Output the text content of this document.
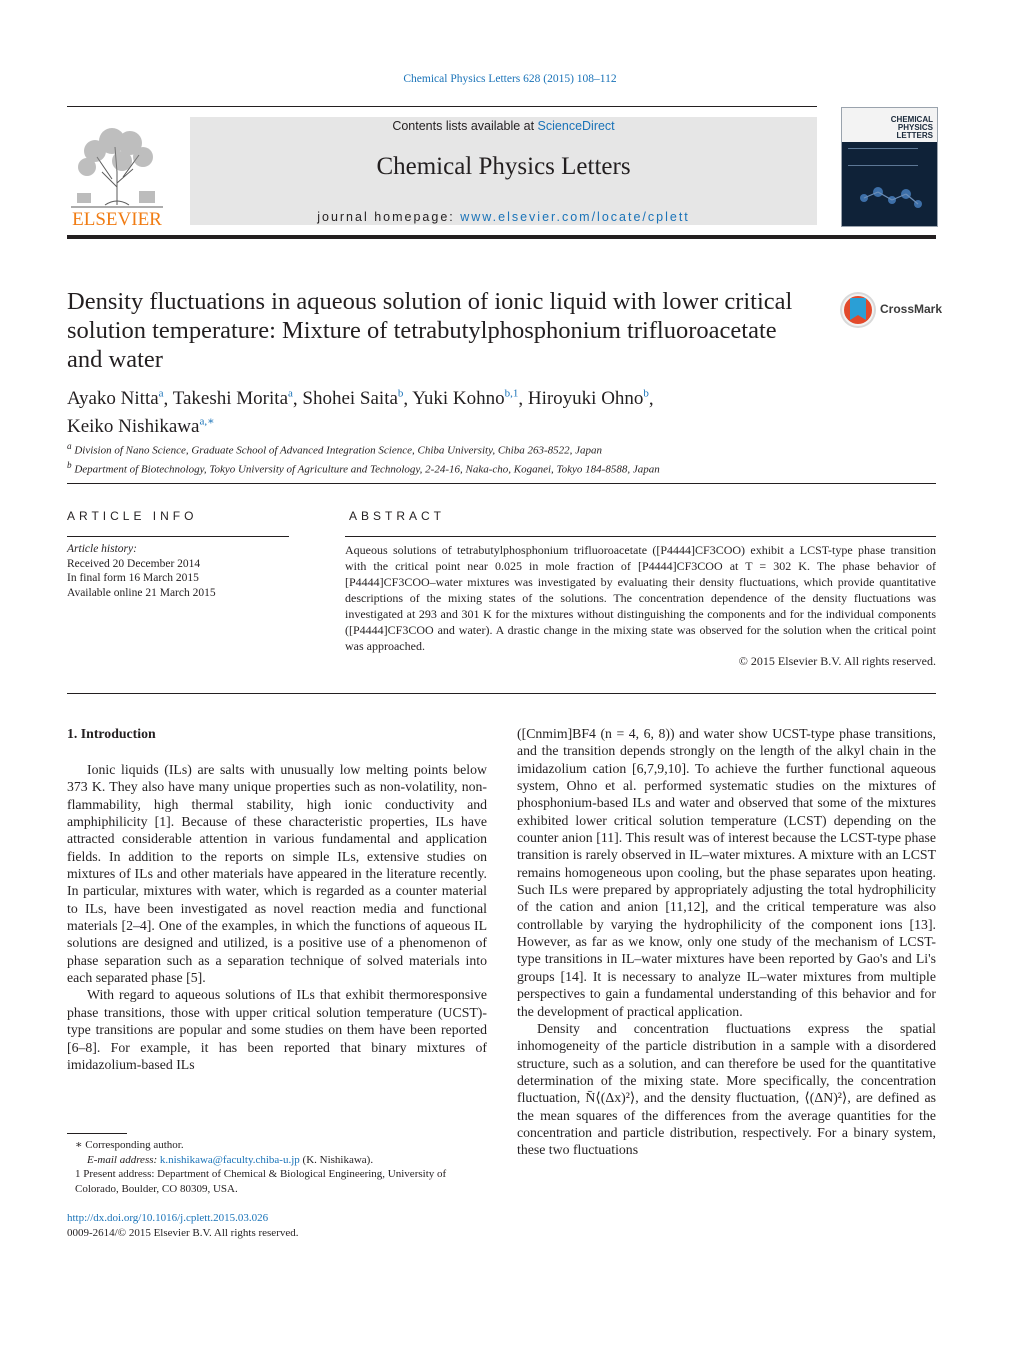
Chemical Physics Letters 628 (2015) 108–112
ELSEVIER
Contents lists available at ScienceDirect
Chemical Physics Letters
journal homepage: www.elsevier.com/locate/cplett
CHEMICAL
PHYSICS
LETTERS
Density fluctuations in aqueous solution of ionic liquid with lower critical solution temperature: Mixture of tetrabutylphosphonium trifluoroacetate and water
CrossMark
Ayako Nitta$^a$, Takeshi Morita$^a$, Shohei Saita$^b$, Yuki Kohno$^{b,1}$, Hiroyuki Ohno$^b$,
Keiko Nishikawa$^{a,∗}$
$^a$ Division of Nano Science, Graduate School of Advanced Integration Science, Chiba University, Chiba 263-8522, Japan
$^b$ Department of Biotechnology, Tokyo University of Agriculture and Technology, 2-24-16, Naka-cho, Koganei, Tokyo 184-8588, Japan
ARTICLE INFO	ABSTRACT
Article history:
Received 20 December 2014
In final form 16 March 2015
Available online 21 March 2015
Aqueous solutions of tetrabutylphosphonium trifluoroacetate ([P4444]CF3COO) exhibit a LCST-type phase transition with the critical point near 0.025 in mole fraction of [P4444]CF3COO at T = 302 K. The phase behavior of [P4444]CF3COO–water mixtures was investigated by evaluating their density fluctuations, which provide quantitative descriptions of the mixing states of the solutions. The concentration dependence of the density fluctuations was investigated at 293 and 301 K for the mixtures without distinguishing the components and for the individual components ([P4444]CF3COO and water). A drastic change in the mixing state was observed for the solution when the critical point was approached.
© 2015 Elsevier B.V. All rights reserved.
1. Introduction

Ionic liquids (ILs) are salts with unusually low melting points below 373 K. They also have many unique properties such as non-volatility, non-flammability, high thermal stability, high ionic conductivity and amphiphilicity [1]. Because of these characteristic properties, ILs have attracted considerable attention in various fundamental and application fields. In addition to the reports on simple ILs, extensive studies on mixtures of ILs and other materials have appeared in the literature recently. In particular, mixtures with water, which is regarded as a counter material to ILs, have been investigated as novel reaction media and functional materials [2–4]. One of the examples, in which the functions of aqueous IL solutions are designed and utilized, is a positive use of a phenomenon of phase separation such as a separation technique of solved materials into each separated phase [5].

With regard to aqueous solutions of ILs that exhibit thermoresponsive phase transitions, those with upper critical solution temperature (UCST)-type transitions are popular and some studies on them have been reported [6–8]. For example, it has been reported that binary mixtures of imidazolium-based ILs

([Cnmim]BF4 (n = 4, 6, 8)) and water show UCST-type phase transitions, and the transition depends strongly on the length of the alkyl chain in the imidazolium cation [6,7,9,10]. To achieve the further functional aqueous system, Ohno et al. performed systematic studies on the mixtures of phosphonium-based ILs and water and observed that some of the mixtures exhibited lower critical solution temperature (LCST) depending on the counter anion [11]. This result was of interest because the LCST-type phase transition is rarely observed in IL–water mixtures. A mixture with an LCST remains homogeneous upon cooling, but the phase separates upon heating. Such ILs were prepared by appropriately adjusting the total hydrophilicity of the cation and anion [11,12], and the critical temperature was also controllable by varying the hydrophilicity of the component ions [13]. However, as far as we know, only one study of the mechanism of LCST-type transitions in IL–water mixtures have been reported by Gao's and Li's groups [14]. It is necessary to analyze IL–water mixtures from multiple perspectives to gain a fundamental understanding of this behavior and for the development of practical application.

Density and concentration fluctuations express the spatial inhomogeneity of the particle distribution in a sample with a disordered structure, such as a solution, and can therefore be used for the quantitative determination of the mixing state. More specifically, the concentration fluctuation, N̄⟨(Δx)²⟩, and the density fluctuation, ⟨(ΔN)²⟩, are defined as the mean squares of the differences from the average quantities for the concentration and particle distribution, respectively. For a binary system, these two fluctuations

∗ Corresponding author.
E-mail address: k.nishikawa@faculty.chiba-u.jp (K. Nishikawa).
1 Present address: Department of Chemical & Biological Engineering, University of Colorado, Boulder, CO 80309, USA.
http://dx.doi.org/10.1016/j.cplett.2015.03.026
0009-2614/© 2015 Elsevier B.V. All rights reserved.
